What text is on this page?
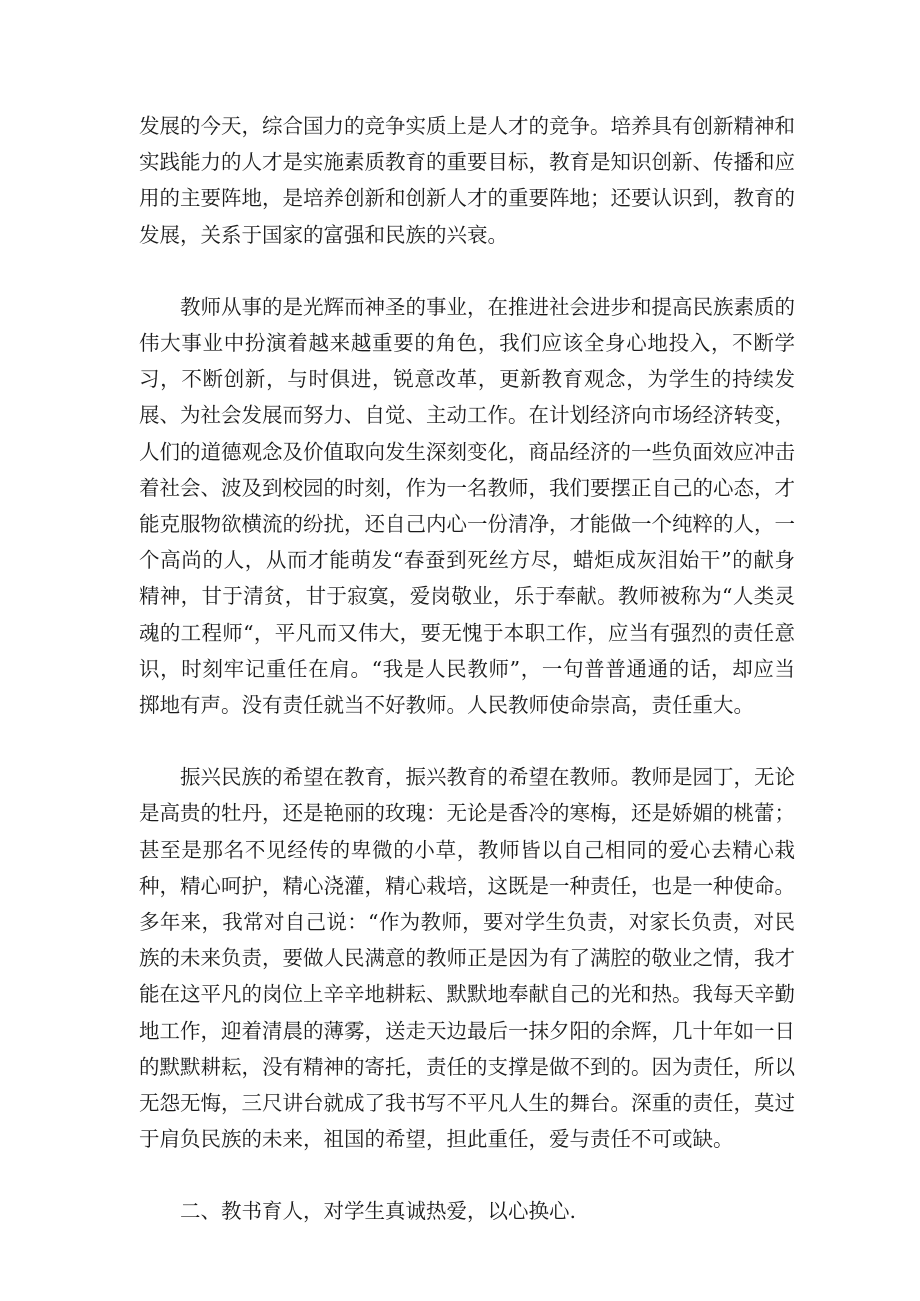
发展的今天，综合国力的竞争实质上是人才的竞争。培养具有创新精神和实践能力的人才是实施素质教育的重要目标，教育是知识创新、传播和应用的主要阵地，是培养创新和创新人才的重要阵地；还要认识到，教育的发展，关系于国家的富强和民族的兴衰。

教师从事的是光辉而神圣的事业，在推进社会进步和提高民族素质的伟大事业中扮演着越来越重要的角色，我们应该全身心地投入，不断学习，不断创新，与时俱进，锐意改革，更新教育观念，为学生的持续发展、为社会发展而努力、自觉、主动工作。在计划经济向市场经济转变，人们的道德观念及价值取向发生深刻变化，商品经济的一些负面效应冲击着社会、波及到校园的时刻，作为一名教师，我们要摆正自己的心态，才能克服物欲横流的纷扰，还自己内心一份清净，才能做一个纯粹的人，一个高尚的人，从而才能萌发“春蚕到死丝方尽，蜡炬成灰泪始干”的献身精神，甘于清贫，甘于寂寞，爱岗敬业，乐于奉献。教师被称为“人类灵魂的工程师“，平凡而又伟大，要无愧于本职工作，应当有强烈的责任意识，时刻牢记重任在肩。“我是人民教师”，一句普普通通的话，却应当掷地有声。没有责任就当不好教师。人民教师使命崇高，责任重大。

振兴民族的希望在教育，振兴教育的希望在教师。教师是园丁，无论是高贵的牡丹，还是艳丽的玫瑰：无论是香冷的寒梅，还是娇媚的桃蕾；甚至是那名不见经传的卑微的小草，教师皆以自己相同的爱心去精心栽种，精心呵护，精心浇灌，精心栽培，这既是一种责任，也是一种使命。多年来，我常对自己说：“作为教师，要对学生负责，对家长负责，对民族的未来负责，要做人民满意的教师正是因为有了满腔的敬业之情，我才能在这平凡的岗位上辛辛地耕耘、默默地奉献自己的光和热。我每天辛勤地工作，迎着清晨的薄雾，送走天边最后一抹夕阳的余辉，几十年如一日的默默耕耘，没有精神的寄托，责任的支撑是做不到的。因为责任，所以无怨无悔，三尺讲台就成了我书写不平凡人生的舞台。深重的责任，莫过于肩负民族的未来，祖国的希望，担此重任，爱与责任不可或缺。

二、教书育人，对学生真诚热爱，以心换心.
